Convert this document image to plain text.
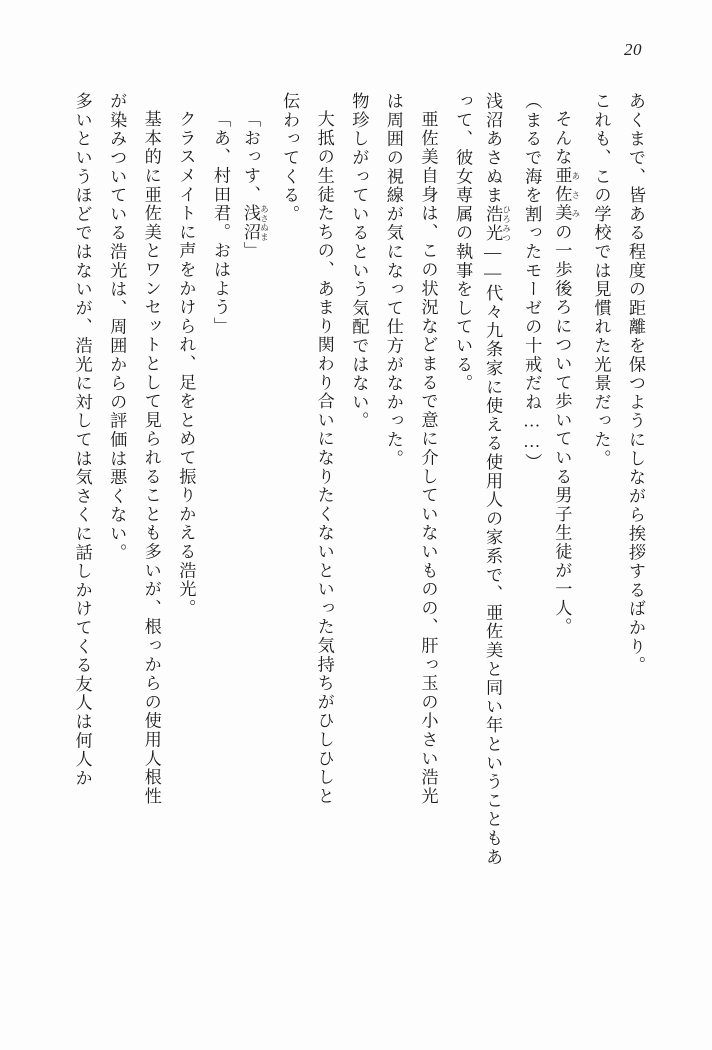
20
あくまで、皆ある程度の距離を保つようにしながら挨拶するばかり。
これも、この学校では見慣れた光景だった。
そんな亜佐美 あさみの一歩後ろについて歩いている男子生徒が一人。
（まるで海を割ったモーゼの十戒だね……）
浅沼あさぬま浩光 ひろみつ――代々九条家に使える使用人の家系で、亜佐美と同い年ということもあ
って、彼女専属の執事をしている。
亜佐美自身は、この状況などまるで意に介していないものの、肝っ玉の小さい浩光
は周囲の視線が気になって仕方がなかった。
物珍しがっているという気配ではない。
大抵の生徒たちの、あまり関わり合いになりたくないといった気持ちがひしひしと
伝わってくる。
「おっす、浅沼 あさぬま」
「あ、村田君。おはよう」
クラスメイトに声をかけられ、足をとめて振りかえる浩光。
基本的に亜佐美とワンセットとして見られることも多いが、根っからの使用人根性
が染みついている浩光は、周囲からの評価は悪くない。
多いというほどではないが、浩光に対しては気さくに話しかけてくる友人は何人か
